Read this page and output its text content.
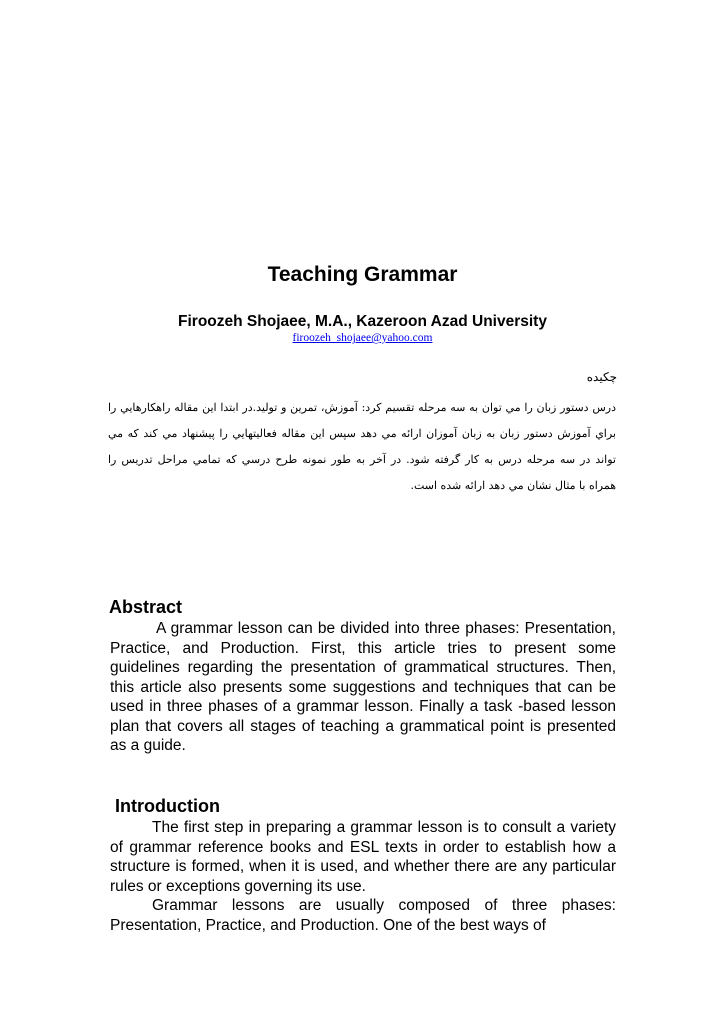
Teaching Grammar

Firoozeh Shojaee, M.A., Kazeroon Azad University

firoozeh_shojaee@yahoo.com

چکیده

درس دستور زبان را مي توان به سه مرحله تقسيم كرد: آموزش، تمرين و توليد.در ابتدا اين مقاله راهكارهايي را براي آموزش دستور زبان به زبان آموزان ارائه مي دهد سپس اين مقاله فعاليتهايي را پيشنهاد مي كند كه مي تواند در سه مرحله درس به كار گرفته شود. در آخر به طور نمونه طرح درسي كه تمامي مراحل تدريس را همراه با مثال نشان مي دهد ارائه شده است.

Abstract

A grammar lesson can be divided into three phases: Presentation, Practice, and Production. First, this article tries to present some guidelines regarding the presentation of grammatical structures. Then, this article also presents some suggestions and techniques that can be used in three phases of a grammar lesson. Finally a task -based lesson plan that covers all stages of teaching a grammatical point is presented as a guide.

Introduction

The first step in preparing a grammar lesson is to consult a variety of grammar reference books and ESL texts in order to establish how a structure is formed, when it is used, and whether there are any particular rules or exceptions governing its use.

Grammar lessons are usually composed of three phases: Presentation, Practice, and Production. One of the best ways of
